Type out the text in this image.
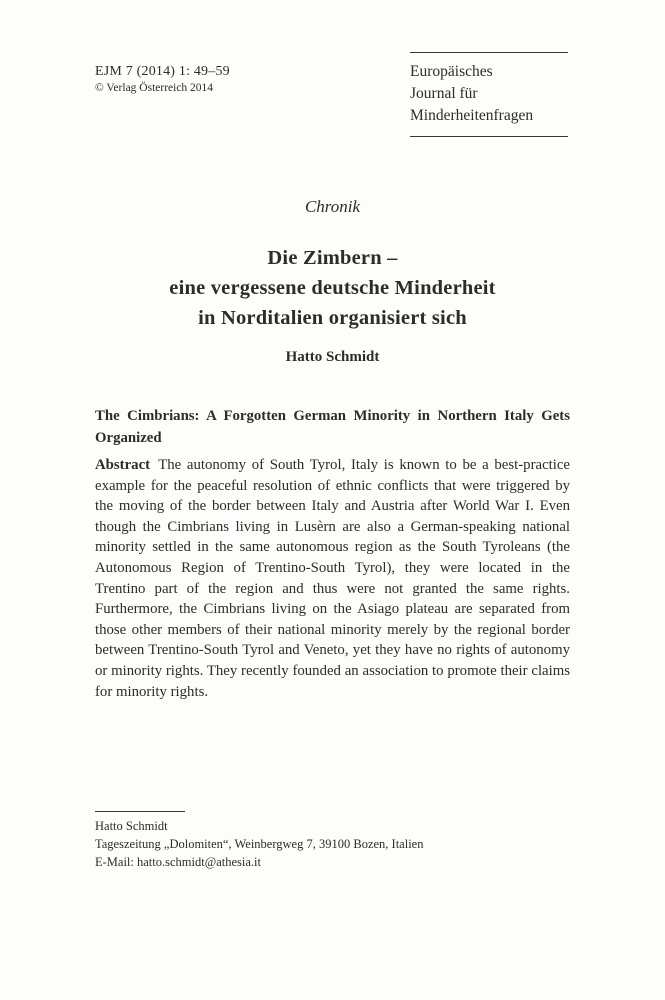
EJM 7 (2014) 1: 49–59
© Verlag Österreich 2014
Europäisches
Journal für
Minderheitenfragen
Chronik
Die Zimbern –
eine vergessene deutsche Minderheit
in Norditalien organisiert sich
Hatto Schmidt
The Cimbrians: A Forgotten German Minority in Northern Italy Gets Organized

Abstract The autonomy of South Tyrol, Italy is known to be a best-practice example for the peaceful resolution of ethnic conflicts that were triggered by the moving of the border between Italy and Austria after World War I. Even though the Cimbrians living in Lusèrn are also a German-speaking national minority settled in the same autonomous region as the South Tyroleans (the Autonomous Region of Trentino-South Tyrol), they were located in the Trentino part of the region and thus were not granted the same rights. Furthermore, the Cimbrians living on the Asiago plateau are separated from those other members of their national minority merely by the regional border between Trentino-South Tyrol and Veneto, yet they have no rights of autonomy or minority rights. They recently founded an association to promote their claims for minority rights.

Hatto Schmidt
Tageszeitung „Dolomiten“, Weinbergweg 7, 39100 Bozen, Italien
E-Mail: hatto.schmidt@athesia.it
